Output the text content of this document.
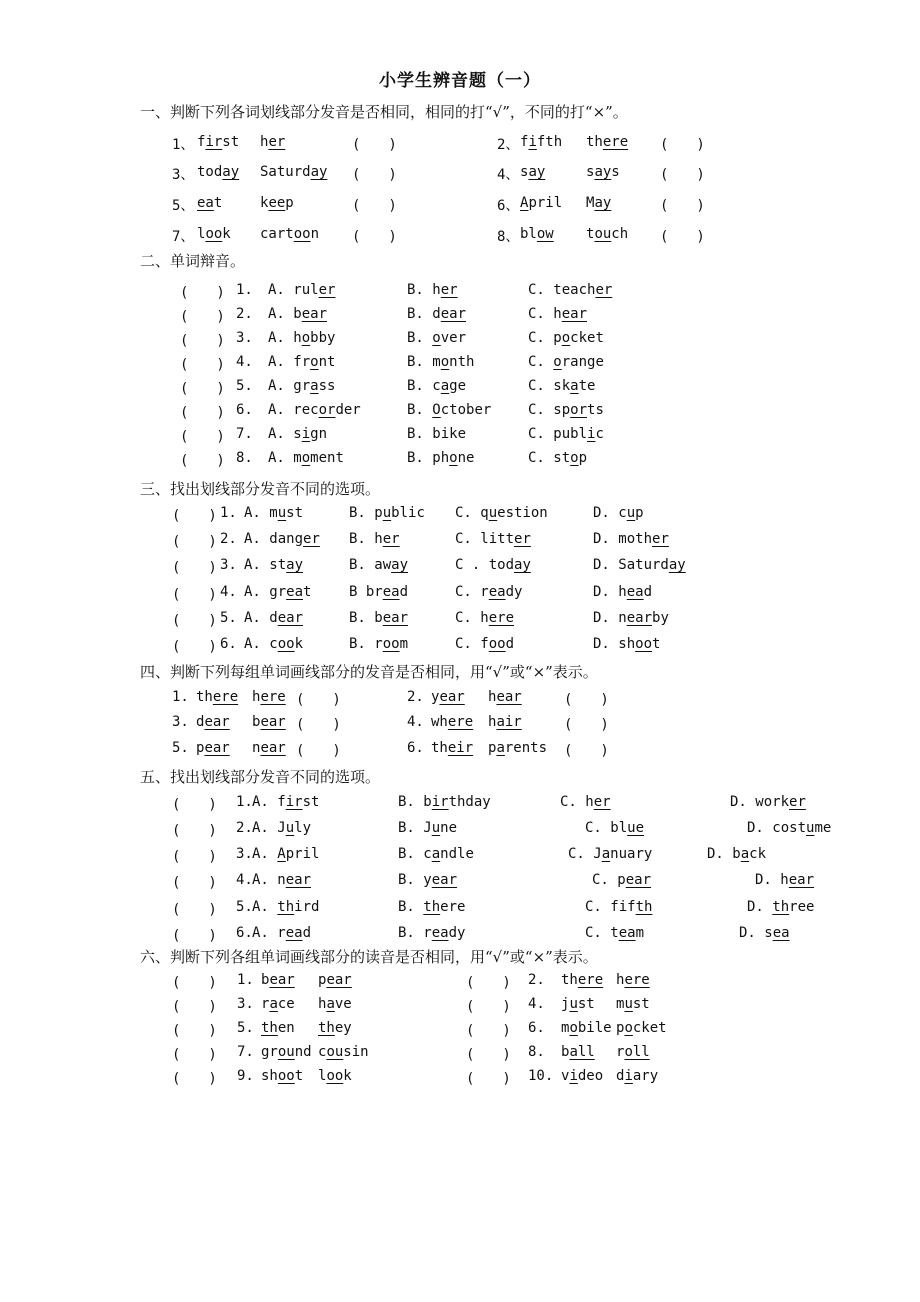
小学生辨音题（一）
一、判断下列各词划线部分发音是否相同，相同的打“√”，不同的打“×”。
1、 first her	(　　)	2、 fifth there (　　)
3、 today Saturday (　　)	4、 say	says	(　　)
5、 eat	keep	(　　)	6、 April May	(　　)
7、 look cartoon (　　)	8、 blow touch (　　)
二、单词辩音。
(　　) 1. A. ruler	B. her	C. teacher
(　　) 2. A. bear	B. dear	C. hear
(　　) 3. A. hobby	B. over	C. pocket
(　　) 4. A. front	B. month	C. orange
(　　) 5. A. grass	B. cage	C. skate
(　　) 6. A. recorder	B. October	C. sports
(　　) 7. A. sign	B. bike	C. public
(　　) 8. A. moment	B. phone	C. stop
三、找出划线部分发音不同的选项。
(　　) 1. A. must	B. public C. question	D. cup
(　　) 2. A. danger B. her	C. litter	D. mother
(　　) 3. A. stay	B. away	C . today	D. Saturday
(　　) 4. A. great	B bread	C. ready	D. head
(　　) 5. A. dear	B. bear	C. here	D. nearby
(　　) 6. A. cook	B. room	C. food	D. shoot
四、判断下列每组单词画线部分的发音是否相同，用“√”或“×”表示。
1. there here (　　)	2. year hear	(　　)
3. dear bear (　　)	4. where hair	(　　)
5. pear near (　　)	6. their parents (　　)
五、找出划线部分发音不同的选项。
(　　) 1. A. first	B. birthday	C. her	D. worker
(　　) 2. A. July	B. June	C. blue	D. costume
(　　) 3. A. April	B. candle	C. January	D. back
(　　) 4. A. near	B. year	C. pear	D. hear
(　　) 5. A. third	B. there	C. fifth	D. three
(　　) 6. A. read	B. ready	C. team	D. sea
六、判断下列各组单词画线部分的读音是否相同，用“√”或“×”表示。
(　　) 1. bear pear	(　　) 2. there here
(　　) 3. race have	(　　) 4. just must
(　　) 5. then they	(　　) 6. mobile pocket
(　　) 7. ground cousin	(　　) 8. ball roll
(　　) 9. shoot look	(　　) 10. video diary
